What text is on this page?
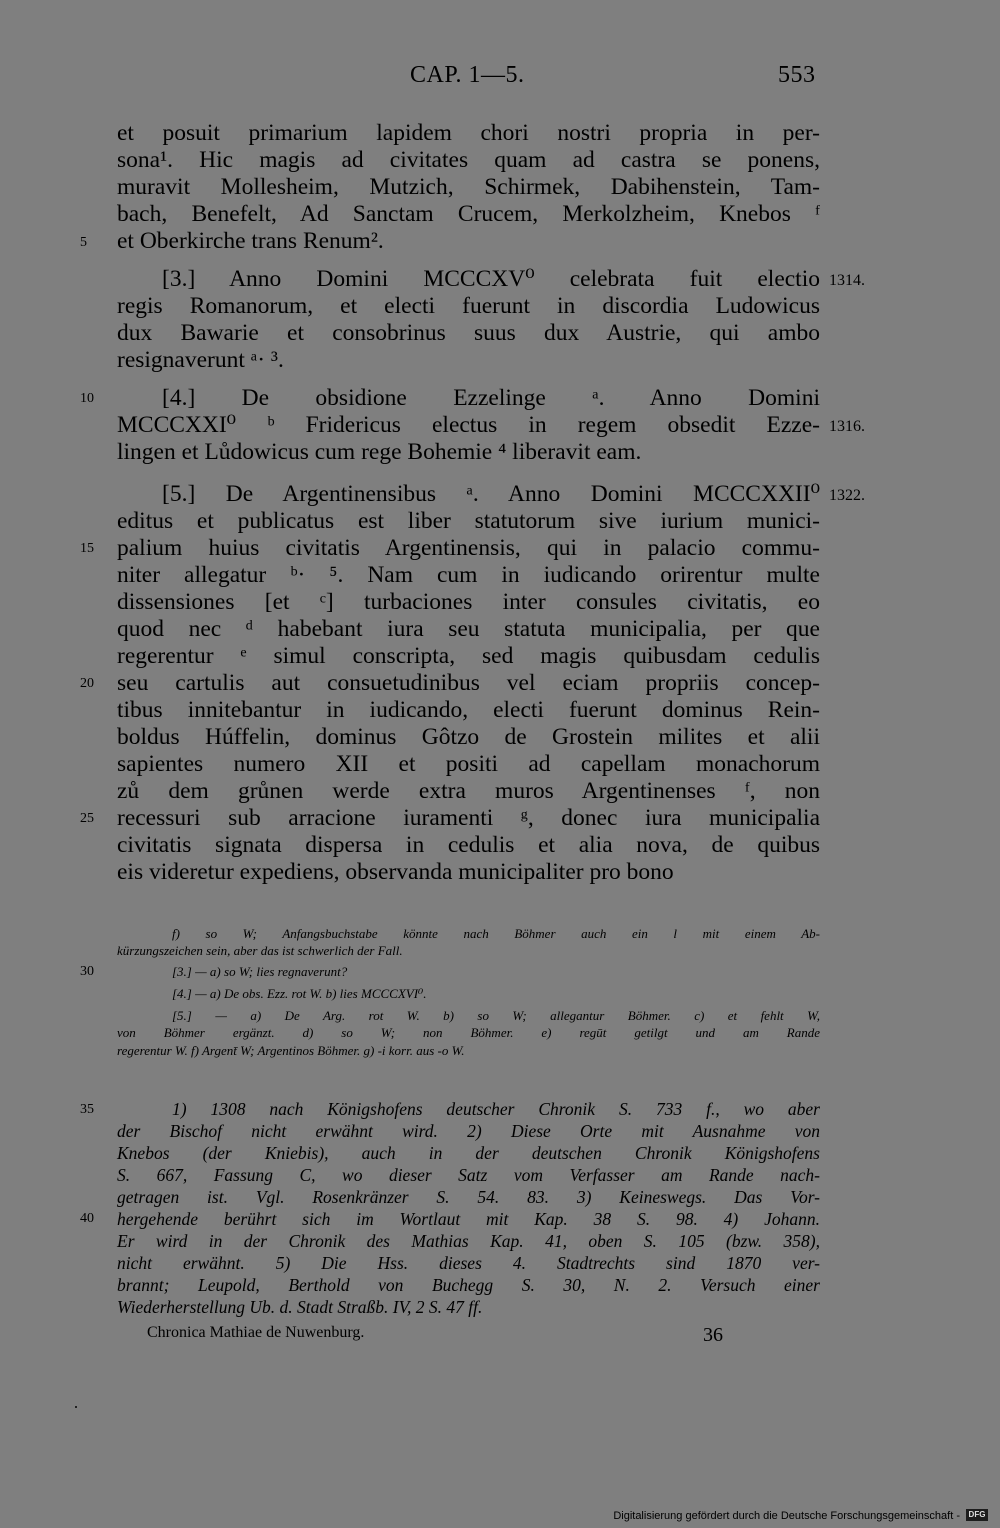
CAP. 1—5.	553
et posuit primarium lapidem chori nostri propria in per-
sona¹. Hic magis ad civitates quam ad castra se ponens,
muravit Mollesheim, Mutzich, Schirmek, Dabihenstein, Tam-
bach, Benefelt, Ad Sanctam Crucem, Merkolzheim, Knebos ᶠ
et Oberkirche trans Renum².
[3.] Anno Domini MCCCXV⁰ celebrata fuit electio
regis Romanorum, et electi fuerunt in discordia Ludowicus
dux Bawarie et consobrinus suus dux Austrie, qui ambo
resignaverunt ᵃ· ³.
[4.] De obsidione Ezzelinge ᵃ. Anno Domini
MCCCXXI⁰ ᵇ Fridericus electus in regem obsedit Ezze-
lingen et Lůdowicus cum rege Bohemie ⁴ liberavit eam.
[5.] De Argentinensibus ᵃ. Anno Domini MCCCXXII⁰
editus et publicatus est liber statutorum sive iurium munici-
palium huius civitatis Argentinensis, qui in palacio commu-
niter allegatur ᵇ· ⁵. Nam cum in iudicando orirentur multe
dissensiones [et ᶜ] turbaciones inter consules civitatis, eo
quod nec ᵈ habebant iura seu statuta municipalia, per que
regerentur ᵉ simul conscripta, sed magis quibusdam cedulis
seu cartulis aut consuetudinibus vel eciam propriis concep-
tibus innitebantur in iudicando, electi fuerunt dominus Rein-
boldus Húffelin, dominus Gôtzo de Grostein milites et alii
sapientes numero XII et positi ad capellam monachorum
zů dem grůnen werde extra muros Argentinenses ᶠ, non
recessuri sub arracione iuramenti ᵍ, donec iura municipalia
civitatis signata dispersa in cedulis et alia nova, de quibus
eis videretur expediens, observanda municipaliter pro bono
5
10
15
20
25
30
35
40
1314.
1316.
1322.
f) so W; Anfangsbuchstabe könnte nach Böhmer auch ein l mit einem Ab-
kürzungszeichen sein, aber das ist schwerlich der Fall.
[3.] — a) so W; lies regnaverunt?
[4.] — a) De obs. Ezz. rot W. b) lies MCCCXVI⁰.
[5.] — a) De Arg. rot W. b) so W; allegantur Böhmer. c) et fehlt W,
von Böhmer ergänzt. d) so W; non Böhmer. e) regūt getilgt und am Rande
regerentur W. f) Argent̄ W; Argentinos Böhmer. g) -i korr. aus -o W.
1) 1308 nach Königshofens deutscher Chronik S. 733 f., wo aber
der Bischof nicht erwähnt wird. 2) Diese Orte mit Ausnahme von
Knebos (der Kniebis), auch in der deutschen Chronik Königshofens
S. 667, Fassung C, wo dieser Satz vom Verfasser am Rande nach-
getragen ist. Vgl. Rosenkränzer S. 54. 83. 3) Keineswegs. Das Vor-
hergehende berührt sich im Wortlaut mit Kap. 38 S. 98. 4) Johann.
Er wird in der Chronik des Mathias Kap. 41, oben S. 105 (bzw. 358),
nicht erwähnt. 5) Die Hss. dieses 4. Stadtrechts sind 1870 ver-
brannt; Leupold, Berthold von Buchegg S. 30, N. 2. Versuch einer
Wiederherstellung Ub. d. Stadt Straßb. IV, 2 S. 47 ff.
Chronica Mathiae de Nuwenburg.	36
Digitalisierung gefördert durch die Deutsche Forschungsgemeinschaft -	DFG
